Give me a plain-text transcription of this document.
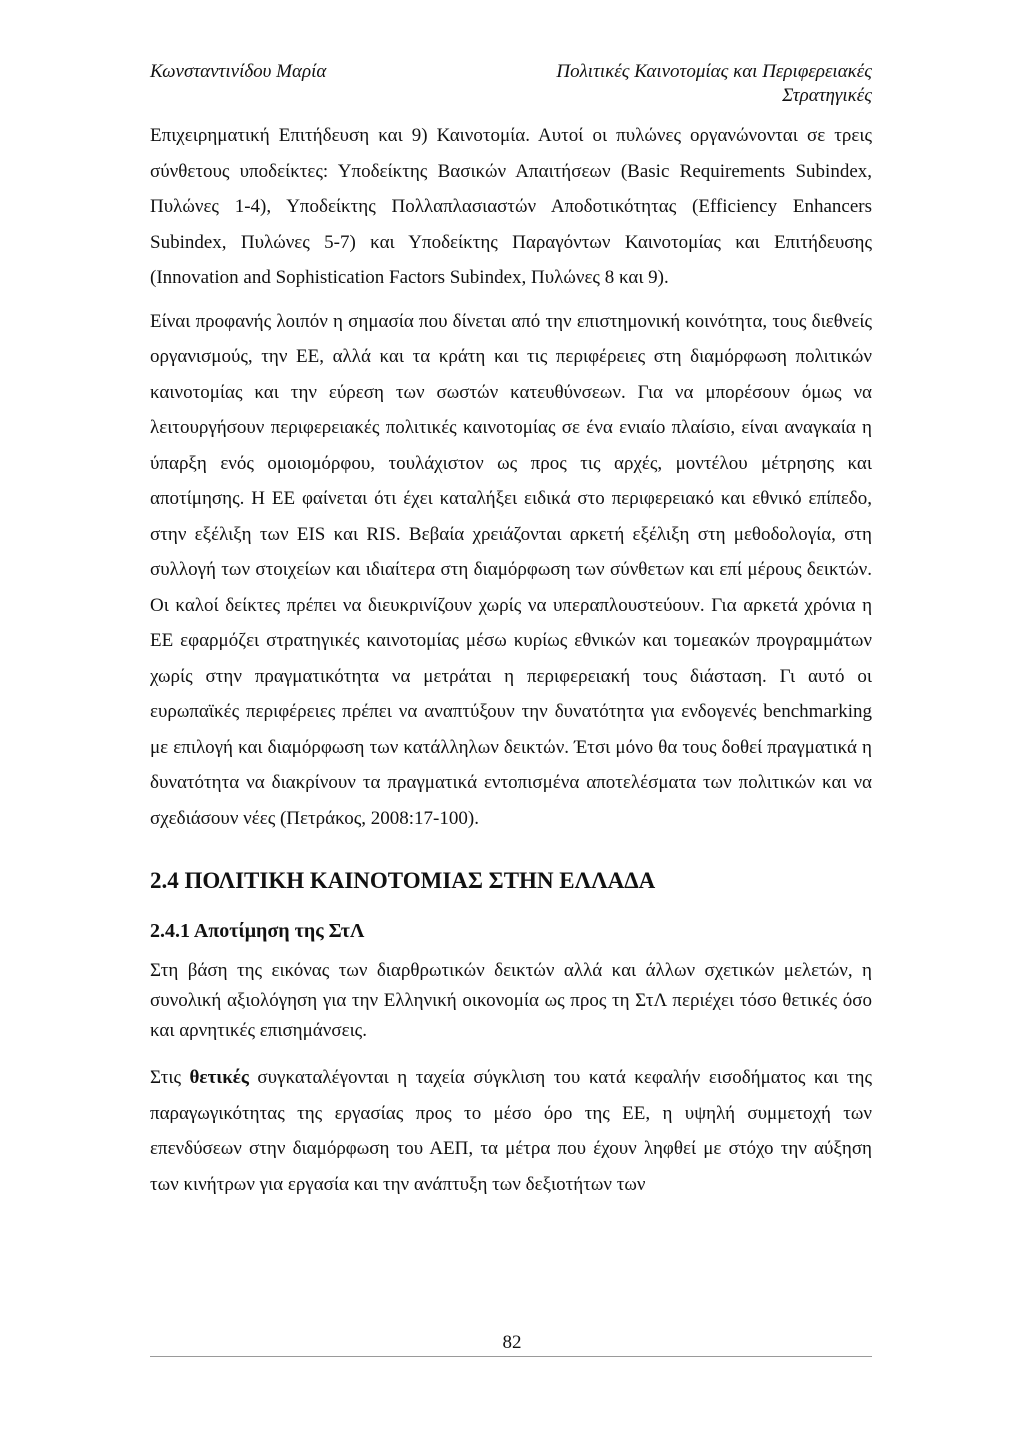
Κωνσταντινίδου Μαρία	Πολιτικές Καινοτομίας και Περιφερειακές Στρατηγικές

Επιχειρηματική Επιτήδευση και 9) Καινοτομία. Αυτοί οι πυλώνες οργανώνονται σε τρεις σύνθετους υποδείκτες: Υποδείκτης Βασικών Απαιτήσεων (Basic Requirements Subindex, Πυλώνες 1-4), Υποδείκτης Πολλαπλασιαστών Αποδοτικότητας (Efficiency Enhancers Subindex, Πυλώνες 5-7) και Υποδείκτης Παραγόντων Καινοτομίας και Επιτήδευσης (Innovation and Sophistication Factors Subindex, Πυλώνες 8 και 9).

Είναι προφανής λοιπόν η σημασία που δίνεται από την επιστημονική κοινότητα, τους διεθνείς οργανισμούς, την ΕΕ, αλλά και τα κράτη και τις περιφέρειες στη διαμόρφωση πολιτικών καινοτομίας και την εύρεση των σωστών κατευθύνσεων. Για να μπορέσουν όμως να λειτουργήσουν περιφερειακές πολιτικές καινοτομίας σε ένα ενιαίο πλαίσιο, είναι αναγκαία η ύπαρξη ενός ομοιομόρφου, τουλάχιστον ως προς τις αρχές, μοντέλου μέτρησης και αποτίμησης. Η ΕΕ φαίνεται ότι έχει καταλήξει ειδικά στο περιφερειακό και εθνικό επίπεδο, στην εξέλιξη των EIS και RIS. Βεβαία χρειάζονται αρκετή εξέλιξη στη μεθοδολογία, στη συλλογή των στοιχείων και ιδιαίτερα στη διαμόρφωση των σύνθετων και επί μέρους δεικτών. Οι καλοί δείκτες πρέπει να διευκρινίζουν χωρίς να υπεραπλουστεύουν. Για αρκετά χρόνια η ΕΕ εφαρμόζει στρατηγικές καινοτομίας μέσω κυρίως εθνικών και τομεακών προγραμμάτων χωρίς στην πραγματικότητα να μετράται η περιφερειακή τους διάσταση. Γι αυτό οι ευρωπαϊκές περιφέρειες πρέπει να αναπτύξουν την δυνατότητα για ενδογενές benchmarking με επιλογή και διαμόρφωση των κατάλληλων δεικτών. Έτσι μόνο θα τους δοθεί πραγματικά η δυνατότητα να διακρίνουν τα πραγματικά εντοπισμένα αποτελέσματα των πολιτικών και να σχεδιάσουν νέες (Πετράκος, 2008:17-100).

2.4 ΠΟΛΙΤΙΚΗ ΚΑΙΝΟΤΟΜΙΑΣ ΣΤΗΝ ΕΛΛΑΔΑ
2.4.1 Αποτίμηση της ΣτΛ

Στη βάση της εικόνας των διαρθρωτικών δεικτών αλλά και άλλων σχετικών μελετών, η συνολική αξιολόγηση για την Ελληνική οικονομία ως προς τη ΣτΛ περιέχει τόσο θετικές όσο και αρνητικές επισημάνσεις.

Στις θετικές συγκαταλέγονται η ταχεία σύγκλιση του κατά κεφαλήν εισοδήματος και της παραγωγικότητας της εργασίας προς το μέσο όρο της ΕΕ, η υψηλή συμμετοχή των επενδύσεων στην διαμόρφωση του ΑΕΠ, τα μέτρα που έχουν ληφθεί με στόχο την αύξηση των κινήτρων για εργασία και την ανάπτυξη των δεξιοτήτων των

82
